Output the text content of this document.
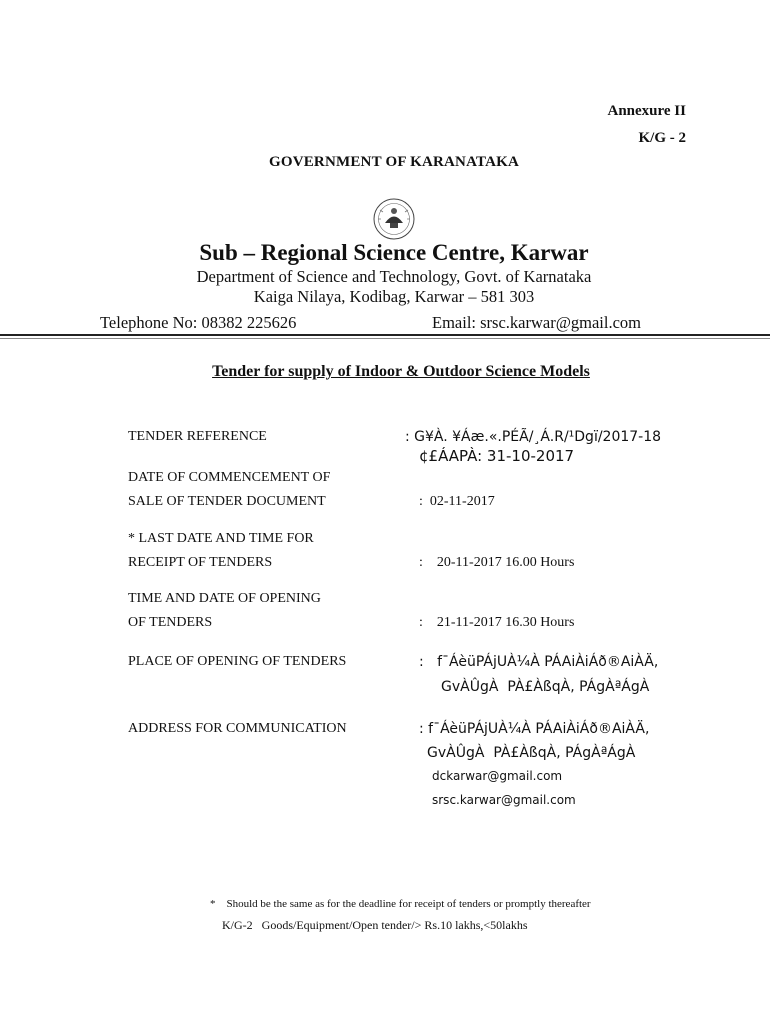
Annexure II
K/G - 2
GOVERNMENT OF KARANATAKA
Sub – Regional Science Centre, Karwar
Department of Science and Technology, Govt. of Karnataka
Kaiga Nilaya, Kodibag, Karwar – 581 303
Telephone No: 08382 225626	Email: srsc.karwar@gmail.com
Tender for supply of Indoor & Outdoor Science Models
TENDER REFERENCE	: G¥À. ¥Áæ.«.PÉÃ/¸Á.R/¹Dgï/2017-18
¢£ÁAPÀ: 31-10-2017
DATE OF COMMENCEMENT OF
SALE OF TENDER DOCUMENT	:  02-11-2017
* LAST DATE AND TIME FOR
RECEIPT OF TENDERS	:    20-11-2017 16.00 Hours
TIME AND DATE OF OPENING
OF TENDERS	:    21-11-2017 16.30 Hours
PLACE OF OPENING OF TENDERS	:   f¯ÁèüPÁjUÀ¼À PÁAiÀiÁð®AiÀÄ,
GvÀÛgÀ  PÀ£ÀßqÀ, PÁgÀªÁgÀ
ADDRESS FOR COMMUNICATION	: f¯ÁèüPÁjUÀ¼À PÁAiÀiÁð®AiÀÄ,
GvÀÛgÀ  PÀ£ÀßqÀ, PÁgÀªÁgÀ
dckarwar@gmail.com
srsc.karwar@gmail.com
*    Should be the same as for the deadline for receipt of tenders or promptly thereafter
K/G-2   Goods/Equipment/Open tender/> Rs.10 lakhs,<50lakhs
